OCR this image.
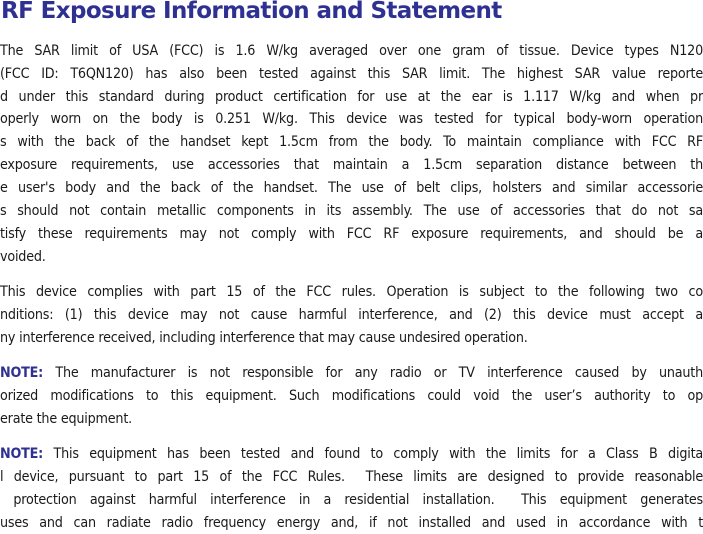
RF Exposure Information and Statement
The SAR limit of USA (FCC) is 1.6 W/kg averaged over one gram of tissue. Device types N120
(FCC ID: T6QN120) has also been tested against this SAR limit. The highest SAR value reporte
d under this standard during product certification for use at the ear is 1.117 W/kg and when pr
operly worn on the body is 0.251 W/kg. This device was tested for typical body-worn operation
s with the back of the handset kept 1.5cm from the body. To maintain compliance with FCC RF
exposure requirements, use accessories that maintain a 1.5cm separation distance between th
e user's body and the back of the handset. The use of belt clips, holsters and similar accessorie
s should not contain metallic components in its assembly. The use of accessories that do not sa
tisfy these requirements may not comply with FCC RF exposure requirements, and should be a
voided.
This device complies with part 15 of the FCC rules. Operation is subject to the following two co
nditions: (1) this device may not cause harmful interference, and (2) this device must accept a
ny interference received, including interference that may cause undesired operation.
NOTE: The manufacturer is not responsible for any radio or TV interference caused by unauth
orized modifications to this equipment. Such modifications could void the user’s authority to op
erate the equipment.
NOTE: This equipment has been tested and found to comply with the limits for a Class B digita
l device, pursuant to part 15 of the FCC Rules.  These limits are designed to provide reasonable
protection against harmful interference in a residential installation.  This equipment generates
uses and can radiate radio frequency energy and, if not installed and used in accordance with t
